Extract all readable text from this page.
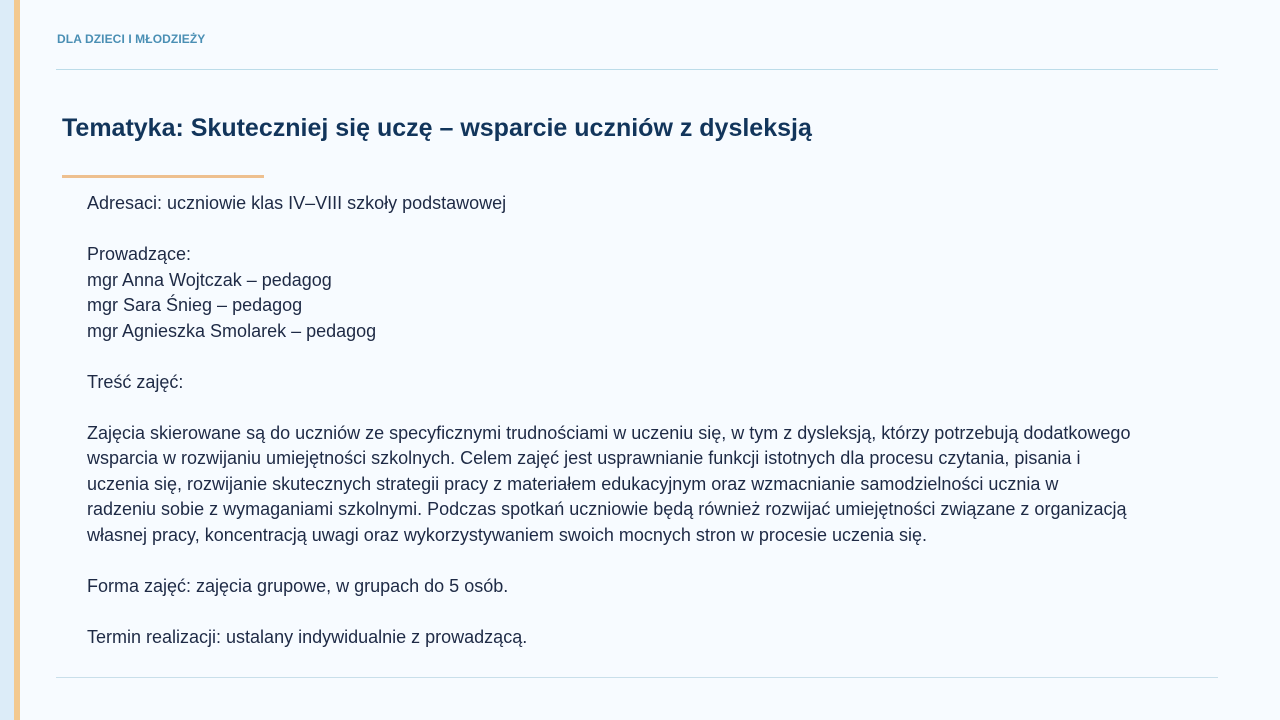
DLA DZIECI I MŁODZIEŻY
Tematyka: Skuteczniej się uczę – wsparcie uczniów z dysleksją

Adresaci: uczniowie klas IV–VIII szkoły podstawowej

Prowadzące:

mgr Anna Wojtczak – pedagog
mgr Sara Śnieg – pedagog
mgr Agnieszka Smolarek – pedagog

Treść zajęć:

Zajęcia skierowane są do uczniów ze specyficznymi trudnościami w uczeniu się, w tym z dysleksją, którzy potrzebują dodatkowego wsparcia w rozwijaniu umiejętności szkolnych. Celem zajęć jest usprawnianie funkcji istotnych dla procesu czytania, pisania i uczenia się, rozwijanie skutecznych strategii pracy z materiałem edukacyjnym oraz wzmacnianie samodzielności ucznia w radzeniu sobie z wymaganiami szkolnymi. Podczas spotkań uczniowie będą również rozwijać umiejętności związane z organizacją własnej pracy, koncentracją uwagi oraz wykorzystywaniem swoich mocnych stron w procesie uczenia się.

Forma zajęć: zajęcia grupowe, w grupach do 5 osób.

Termin realizacji: ustalany indywidualnie z prowadzącą.
